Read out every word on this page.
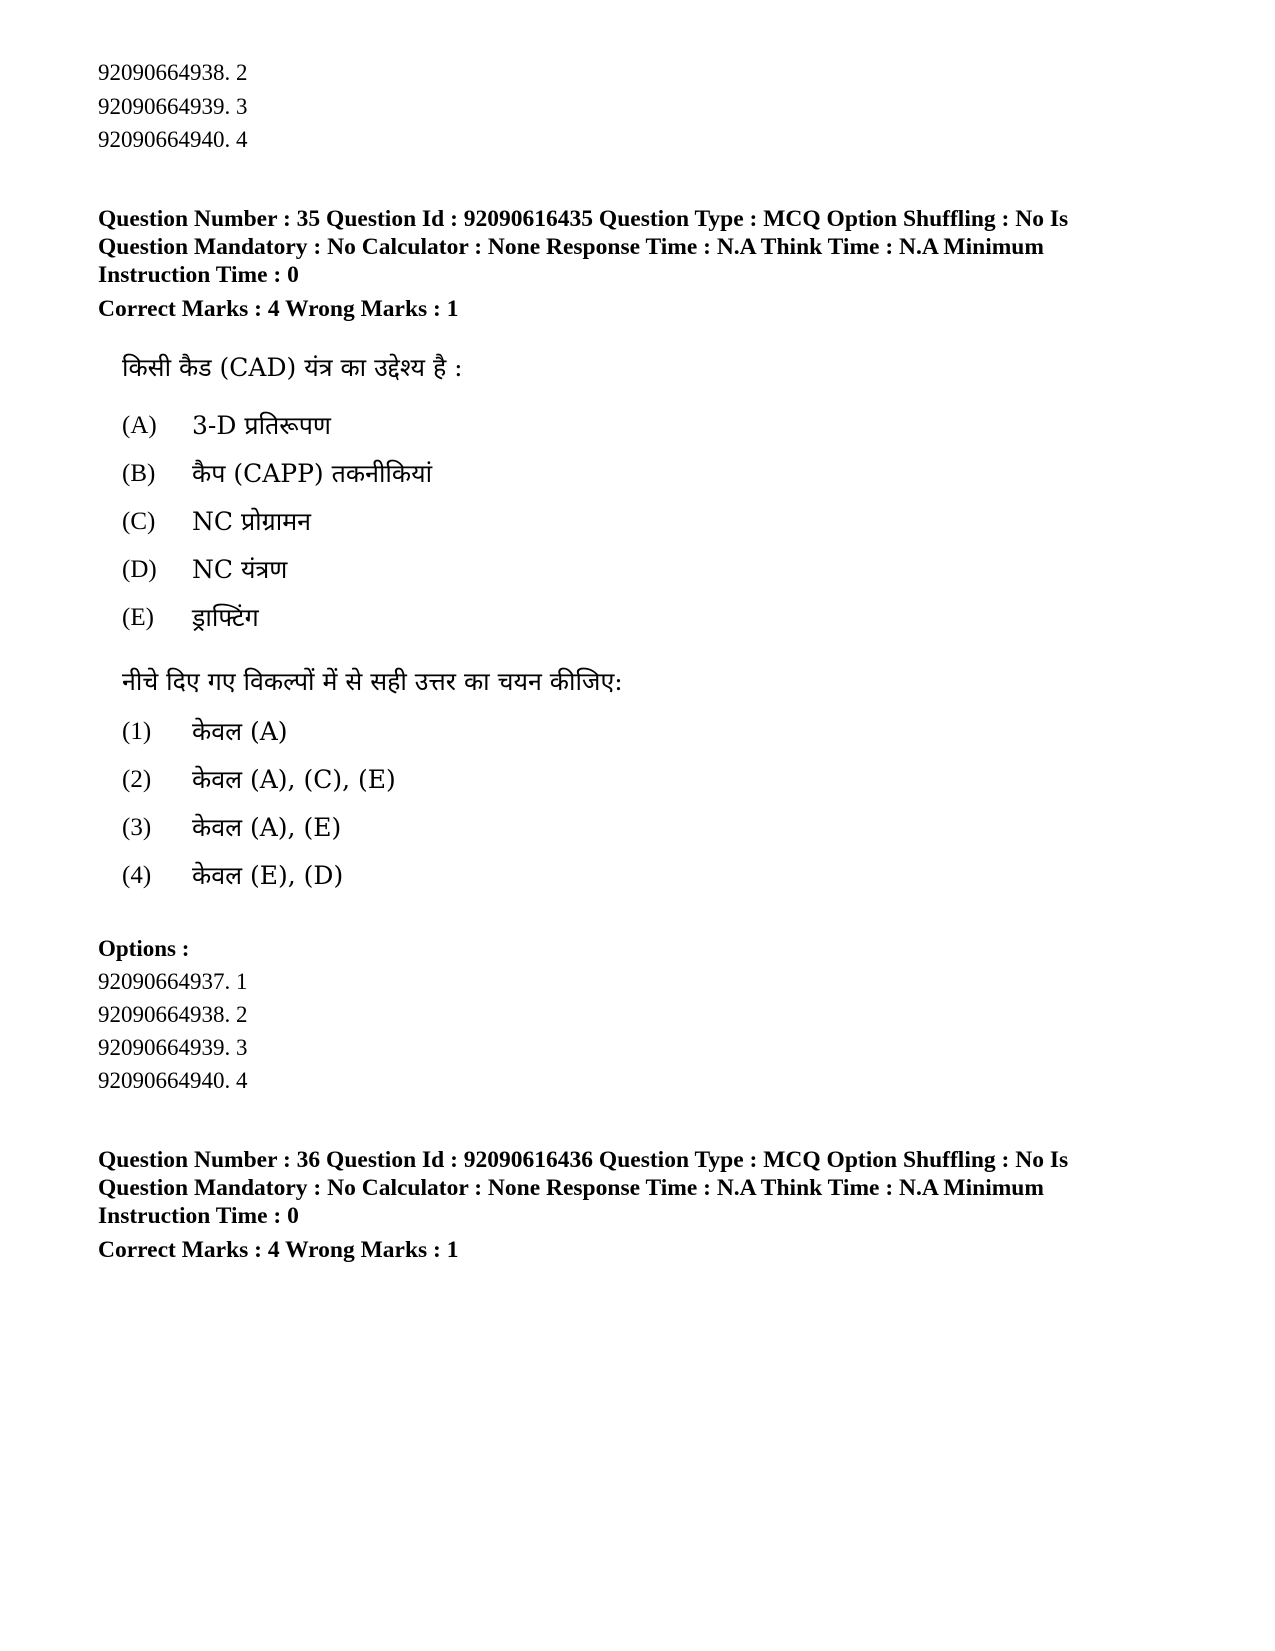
92090664938. 2
92090664939. 3
92090664940. 4
Question Number : 35 Question Id : 92090616435 Question Type : MCQ Option Shuffling : No Is
Question Mandatory : No Calculator : None Response Time : N.A Think Time : N.A Minimum
Instruction Time : 0
Correct Marks : 4 Wrong Marks : 1
किसी कैड (CAD) यंत्र का उद्देश्य है :
(A) 3-D प्रतिरूपण
(B) कैप (CAPP) तकनीकियां
(C) NC प्रोग्रामन
(D) NC यंत्रण
(E) ड्राफ्टिंग
नीचे दिए गए विकल्पों में से सही उत्तर का चयन कीजिए:
(1) केवल (A)
(2) केवल (A), (C), (E)
(3) केवल (A), (E)
(4) केवल (E), (D)
Options :
92090664937. 1
92090664938. 2
92090664939. 3
92090664940. 4
Question Number : 36 Question Id : 92090616436 Question Type : MCQ Option Shuffling : No Is
Question Mandatory : No Calculator : None Response Time : N.A Think Time : N.A Minimum
Instruction Time : 0
Correct Marks : 4 Wrong Marks : 1
